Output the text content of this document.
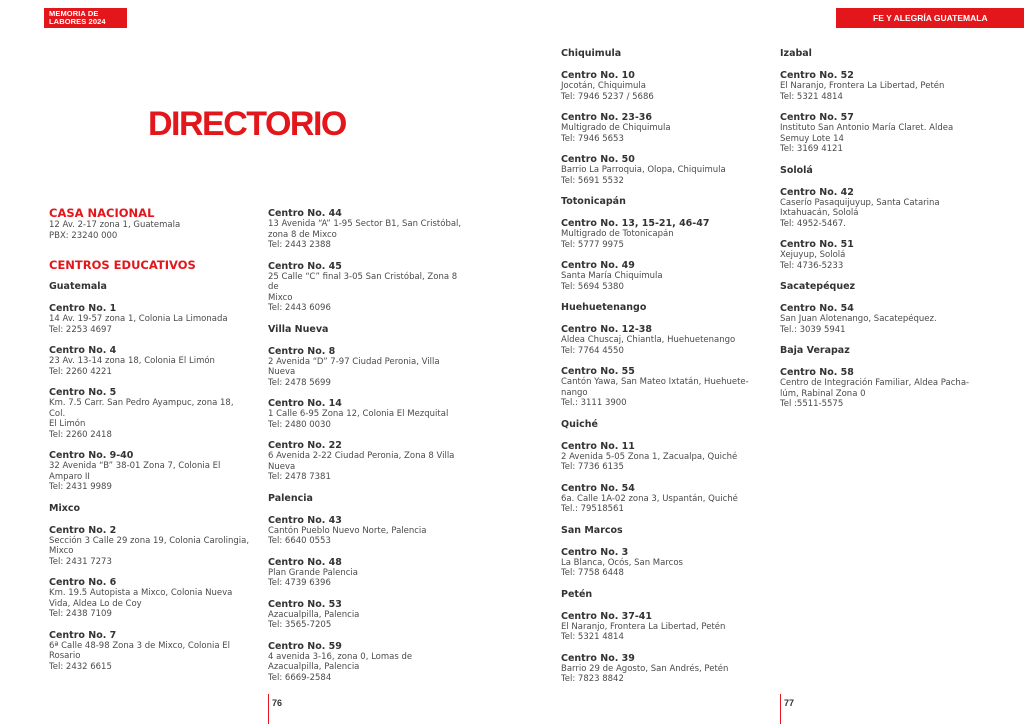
MEMORIA DE
LABORES 2024	FE Y ALEGRÍA GUATEMALA
DIRECTORIO
CASA NACIONAL
12 Av. 2-17 zona 1, Guatemala
PBX: 23240 000
CENTROS EDUCATIVOS
Guatemala
Centro No. 1
14 Av. 19-57 zona 1, Colonia La Limonada
Tel: 2253 4697
Centro No. 4
23 Av. 13-14 zona 18, Colonia El Limón
Tel: 2260 4221
Centro No. 5
Km. 7.5 Carr. San Pedro Ayampuc, zona 18, Col.
El Limón
Tel: 2260 2418
Centro No. 9-40
32 Avenida “B” 38-01 Zona 7, Colonia El
Amparo II
Tel: 2431 9989
Mixco
Centro No. 2
Sección 3 Calle 29 zona 19, Colonia Carolingia,
Mixco
Tel: 2431 7273
Centro No. 6
Km. 19.5 Autopista a Mixco, Colonia Nueva
Vida, Aldea Lo de Coy
Tel: 2438 7109
Centro No. 7
6ª Calle 48-98 Zona 3 de Mixco, Colonia El
Rosario
Tel: 2432 6615
Centro No. 44
13 Avenida “A” 1-95 Sector B1, San Cristóbal,
zona 8 de Mixco
Tel: 2443 2388
Centro No. 45
25 Calle “C” final 3-05 San Cristóbal, Zona 8 de
Mixco
Tel: 2443 6096
Villa Nueva
Centro No. 8
2 Avenida “D” 7-97 Ciudad Peronia, Villa Nueva
Tel: 2478 5699
Centro No. 14
1 Calle 6-95 Zona 12, Colonia El Mezquital
Tel: 2480 0030
Centro No. 22
6 Avenida 2-22 Ciudad Peronia, Zona 8 Villa
Nueva
Tel: 2478 7381
Palencia
Centro No. 43
Cantón Pueblo Nuevo Norte, Palencia
Tel: 6640 0553
Centro No. 48
Plan Grande Palencia
Tel: 4739 6396
Centro No. 53
Azacualpilla, Palencia
Tel: 3565-7205
Centro No. 59
4 avenida 3-16, zona 0, Lomas de
Azacualpilla, Palencia
Tel: 6669-2584
Chiquimula
Centro No. 10
Jocotán, Chiquimula
Tel: 7946 5237 / 5686
Centro No. 23-36
Multigrado de Chiquimula
Tel: 7946 5653
Centro No. 50
Barrio La Parroquia, Olopa, Chiquimula
Tel: 5691 5532
Totonicapán
Centro No. 13, 15-21, 46-47
Multigrado de Totonicapán
Tel: 5777 9975
Centro No. 49
Santa María Chiquimula
Tel: 5694 5380
Huehuetenango
Centro No. 12-38
Aldea Chuscaj, Chiantla, Huehuetenango
Tel: 7764 4550
Centro No. 55
Cantón Yawa, San Mateo Ixtatán, Huehuete-
nango
Tel.: 3111 3900
Quiché
Centro No. 11
2 Avenida 5-05 Zona 1, Zacualpa, Quiché
Tel: 7736 6135
Centro No. 54
6a. Calle 1A-02 zona 3, Uspantán, Quiché
Tel.: 79518561
San Marcos
Centro No. 3
La Blanca, Ocós, San Marcos
Tel: 7758 6448
Petén
Centro No. 37-41
El Naranjo, Frontera La Libertad, Petén
Tel: 5321 4814
Centro No. 39
Barrio 29 de Agosto, San Andrés, Petén
Tel: 7823 8842
Izabal
Centro No. 52
El Naranjo, Frontera La Libertad, Petén
Tel: 5321 4814
Centro No. 57
Instituto San Antonio María Claret. Aldea
Semuy Lote 14
Tel: 3169 4121
Sololá
Centro No. 42
Caserío Pasaquijuyup, Santa Catarina
Ixtahuacán, Sololá
Tel: 4952-5467.
Centro No. 51
Xejuyup, Sololá
Tel: 4736-5233
Sacatepéquez
Centro No. 54
San Juan Alotenango, Sacatepéquez.
Tel.: 3039 5941
Baja Verapaz
Centro No. 58
Centro de Integración Familiar, Aldea Pacha-
lúm, Rabinal Zona 0
Tel :5511-5575
76	77
